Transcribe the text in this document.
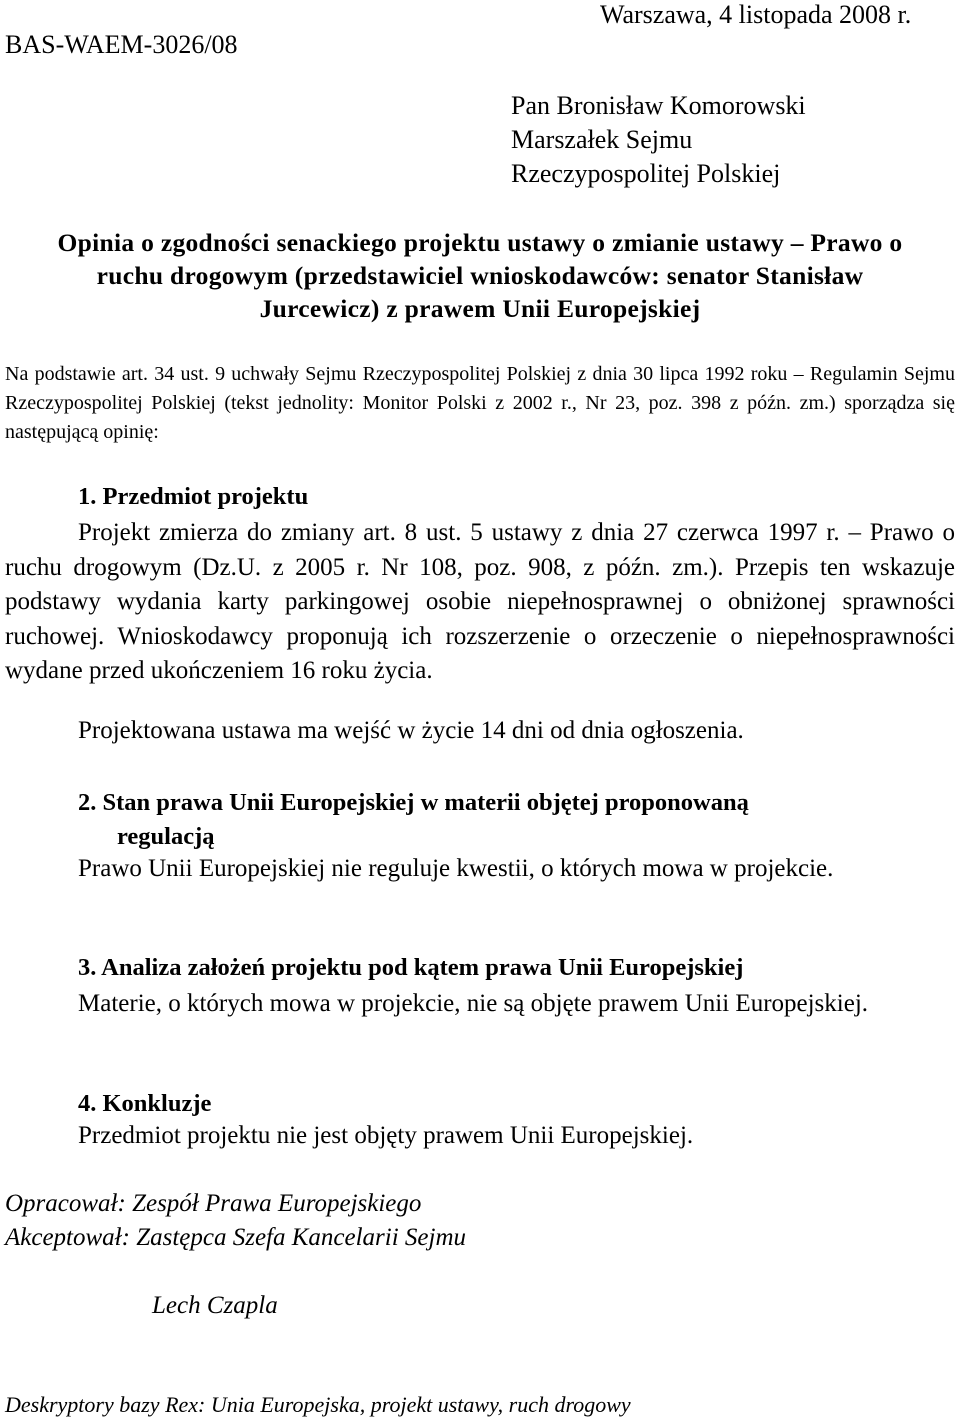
BAS-WAEM-3026/08
Warszawa, 4 listopada 2008 r.
Pan Bronisław Komorowski
Marszałek Sejmu
Rzeczypospolitej Polskiej
Opinia o zgodności senackiego projektu ustawy o zmianie ustawy – Prawo o
ruchu drogowym (przedstawiciel wnioskodawców: senator Stanisław
Jurcewicz) z prawem Unii Europejskiej

Na podstawie art. 34 ust. 9 uchwały Sejmu Rzeczypospolitej Polskiej z dnia 30 lipca 1992 roku – Regulamin Sejmu Rzeczypospolitej Polskiej (tekst jednolity: Monitor Polski z 2002 r., Nr 23, poz. 398 z późn. zm.) sporządza się następującą opinię:

1. Przedmiot projektu

Projekt zmierza do zmiany art. 8 ust. 5 ustawy z dnia 27 czerwca 1997 r. – Prawo o ruchu drogowym (Dz.U. z 2005 r. Nr 108, poz. 908, z późn. zm.). Przepis ten wskazuje podstawy wydania karty parkingowej osobie niepełnosprawnej o obniżonej sprawności ruchowej. Wnioskodawcy proponują ich rozszerzenie o orzeczenie o niepełnosprawności wydane przed ukończeniem 16 roku życia.

Projektowana ustawa ma wejść w życie 14 dni od dnia ogłoszenia.

2. Stan prawa Unii Europejskiej w materii objętej proponowaną
regulacją

Prawo Unii Europejskiej nie reguluje kwestii, o których mowa w projekcie.

3. Analiza założeń projektu pod kątem prawa Unii Europejskiej

Materie, o których mowa w projekcie, nie są objęte prawem Unii Europejskiej.

4. Konkluzje

Przedmiot projektu nie jest objęty prawem Unii Europejskiej.

Opracował: Zespół Prawa Europejskiego
Akceptował: Zastępca Szefa Kancelarii Sejmu
Lech Czapla
Deskryptory bazy Rex: Unia Europejska, projekt ustawy, ruch drogowy
